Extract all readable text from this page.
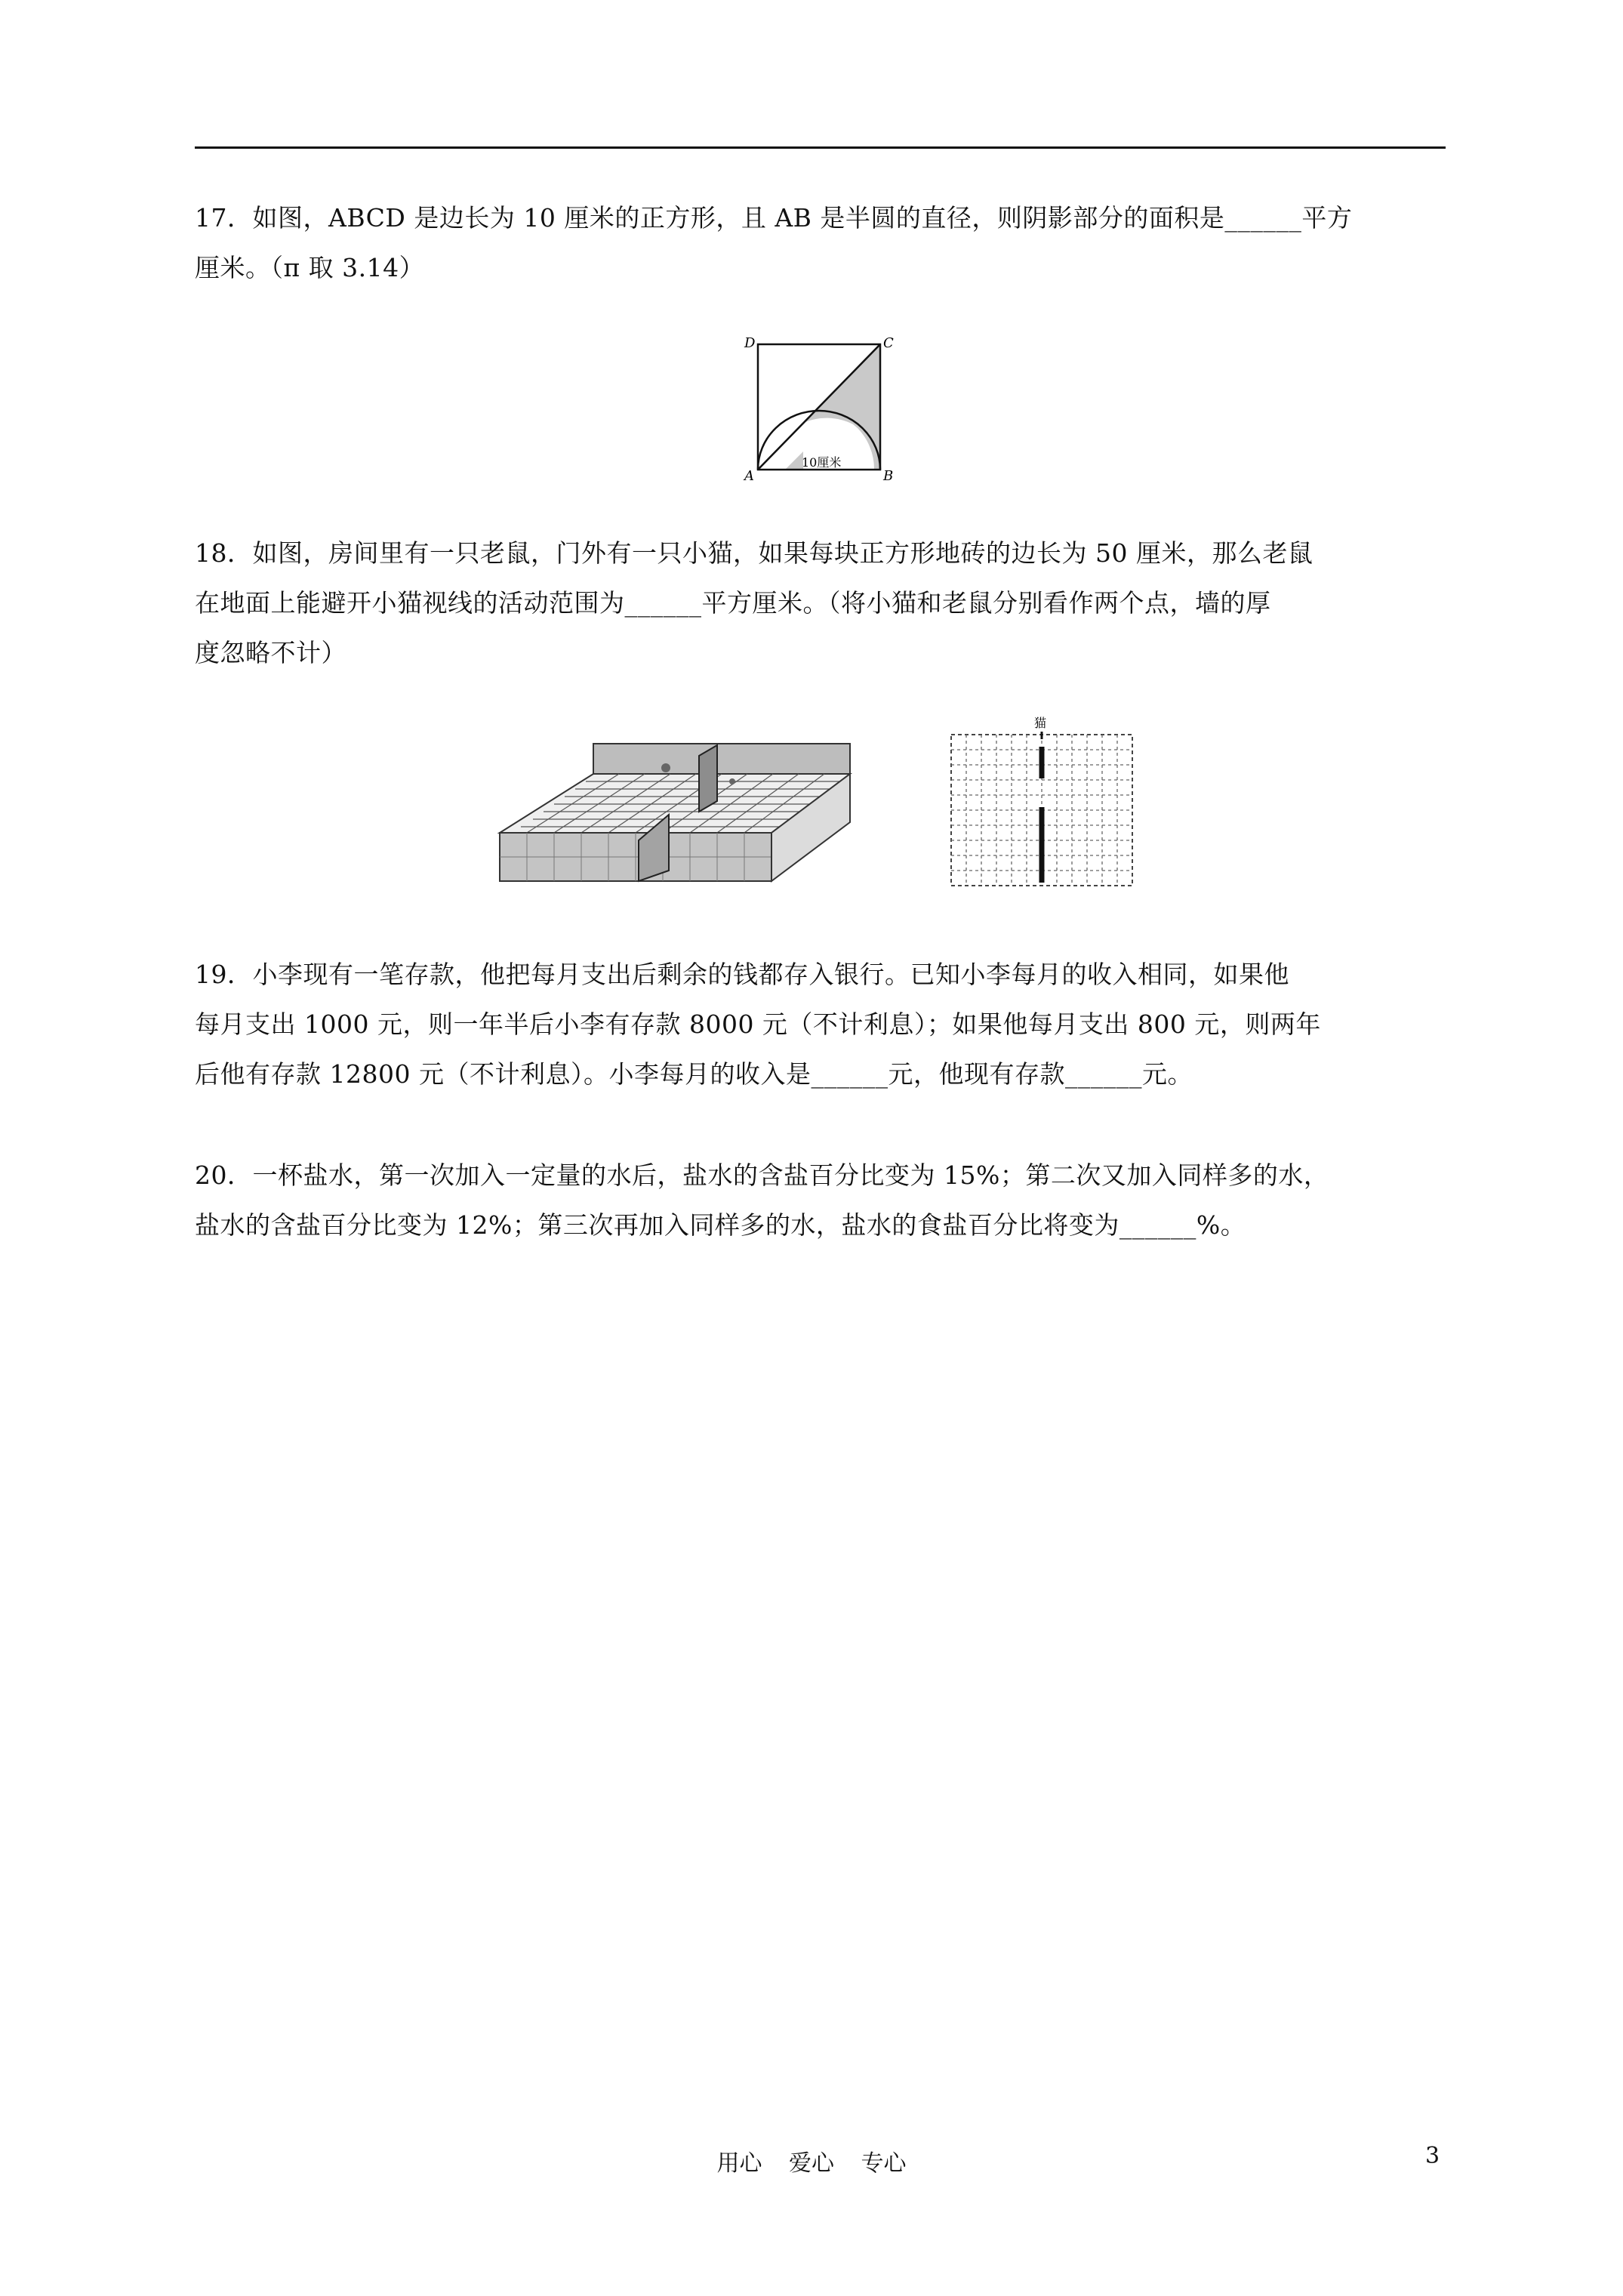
17．如图，ABCD 是边长为 10 厘米的正方形，且 AB 是半圆的直径，则阴影部分的面积是______平方
厘米。（π 取 3.14）
D	C
A	B
10厘米
18．如图，房间里有一只老鼠，门外有一只小猫，如果每块正方形地砖的边长为 50 厘米，那么老鼠
在地面上能避开小猫视线的活动范围为______平方厘米。（将小猫和老鼠分别看作两个点，墙的厚
度忽略不计）
猫
19．小李现有一笔存款，他把每月支出后剩余的钱都存入银行。已知小李每月的收入相同，如果他
每月支出 1000 元，则一年半后小李有存款 8000 元（不计利息）；如果他每月支出 800 元，则两年
后他有存款 12800 元（不计利息）。小李每月的收入是______元，他现有存款______元。
20．一杯盐水，第一次加入一定量的水后，盐水的含盐百分比变为 15%；第二次又加入同样多的水，
盐水的含盐百分比变为 12%；第三次再加入同样多的水，盐水的食盐百分比将变为______%。
用心 爱心 专心	3
